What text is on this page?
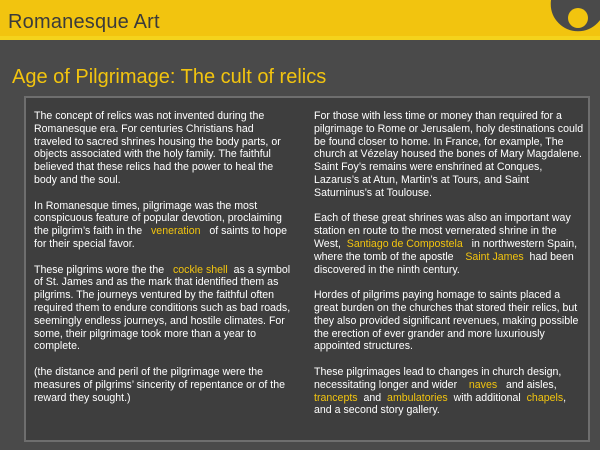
Romanesque Art
Age of Pilgrimage: The cult of relics

The concept of relics was not invented during the Romanesque era. For centuries Christians had traveled to sacred shrines housing the body parts, or objects associated with the holy family. The faithful believed that these relics had the power to heal the body and the soul.

In Romanesque times, pilgrimage was the most conspicuous feature of popular devotion, proclaiming the pilgrim’s faith in the veneration of saints to hope for their special favor.

These pilgrims wore the the cockle shell as a symbol of St. James and as the mark that identified them as pilgrims. The journeys ventured by the faithful often required them to endure conditions such as bad roads, seemingly endless journeys, and hostile climates. For some, their pilgrimage took more than a year to complete.

(the distance and peril of the pilgrimage were the measures of pilgrims’ sincerity of repentance or of the reward they sought.)

For those with less time or money than required for a pilgrimage to Rome or Jerusalem, holy destinations could be found closer to home. In France, for example, The church at Vézelay housed the bones of Mary Magdalene. Saint Foy’s remains were enshrined at Conques, Lazarus’s at Atun, Martin’s at Tours, and Saint Saturninus’s at Toulouse.

Each of these great shrines was also an important way station en route to the most vernerated shrine in the West, Santiago de Compostela in northwestern Spain, where the tomb of the apostle Saint James had been discovered in the ninth century.

Hordes of pilgrims paying homage to saints placed a great burden on the churches that stored their relics, but they also provided significant revenues, making possible the erection of ever grander and more luxuriously appointed structures.

These pilgrimages lead to changes in church design, necessitating longer and wider naves and aisles, trancepts and ambulatories with additional chapels, and a second story gallery.
